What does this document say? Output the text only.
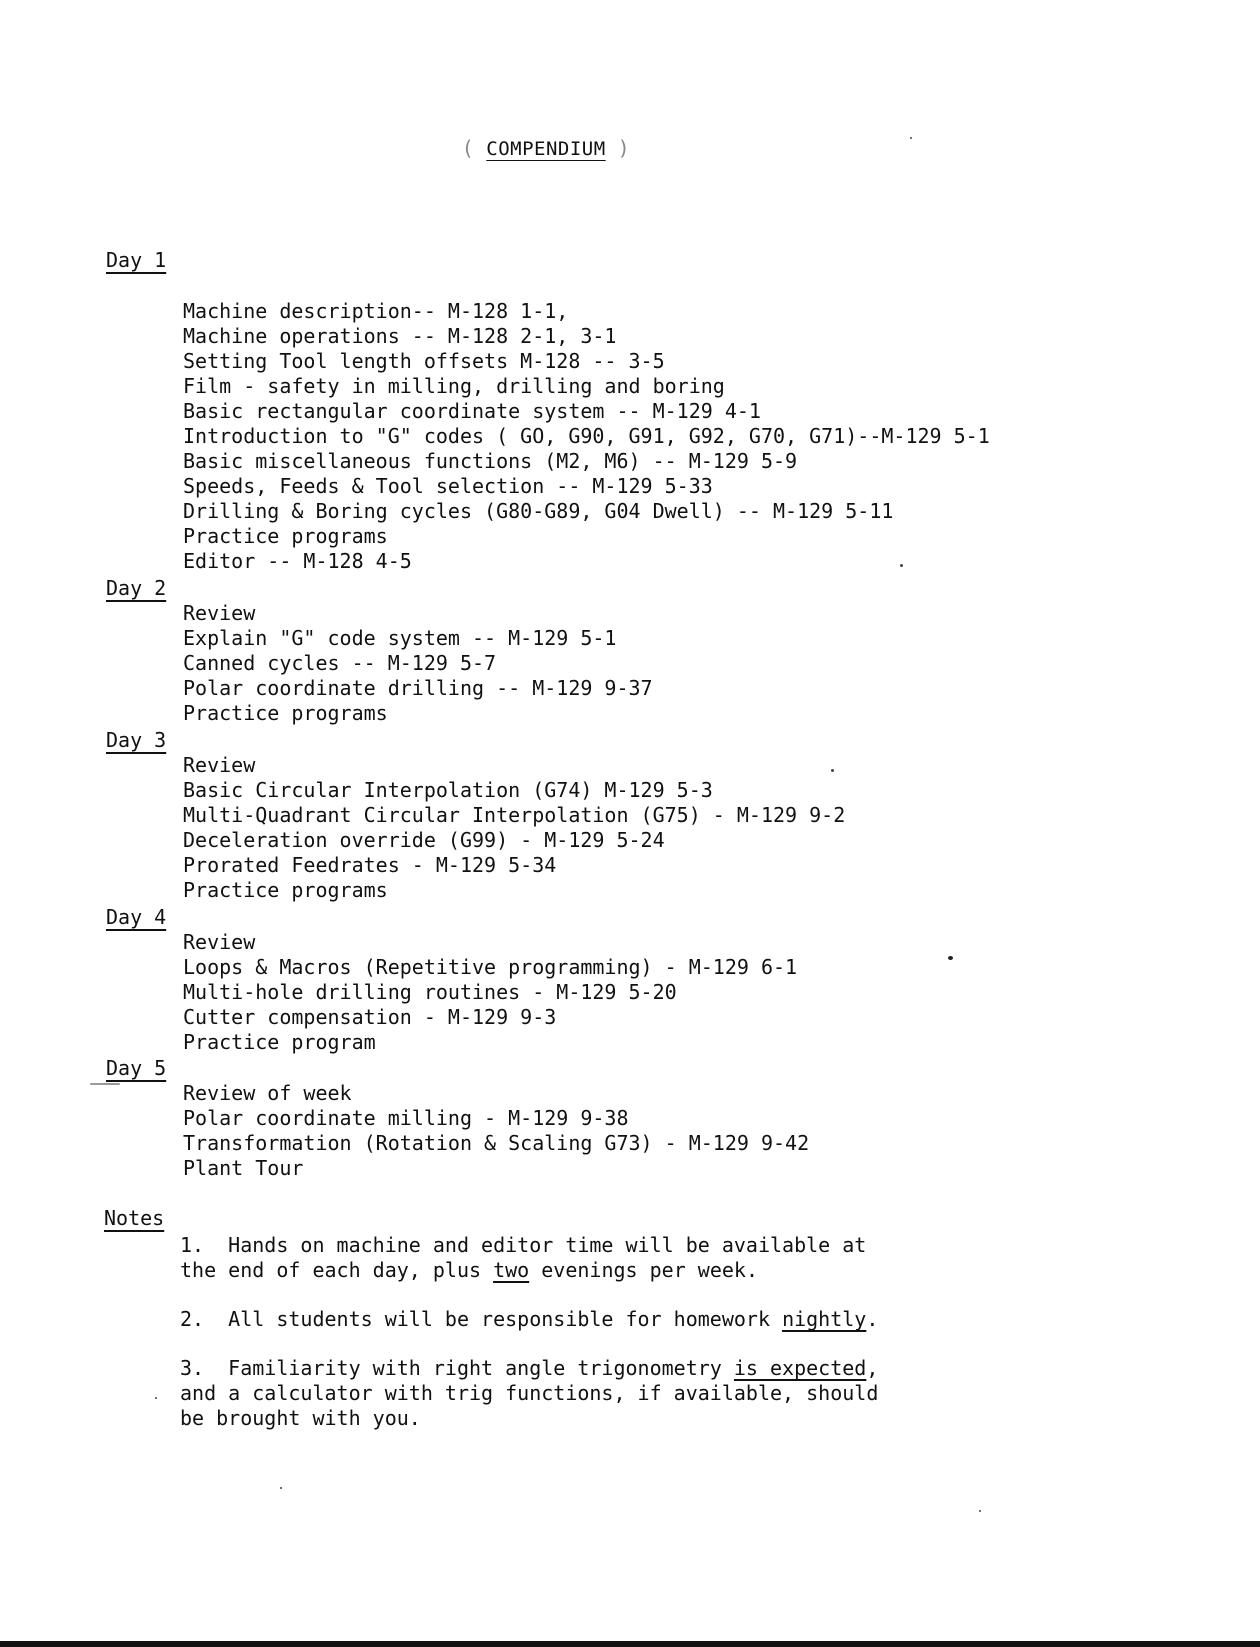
( COMPENDIUM )
Day 1
Machine description-- M-128 1-1,
Machine operations -- M-128 2-1, 3-1
Setting Tool length offsets M-128 -- 3-5
Film - safety in milling, drilling and boring
Basic rectangular coordinate system -- M-129 4-1
Introduction to "G" codes ( GO, G90, G91, G92, G70, G71)--M-129 5-1
Basic miscellaneous functions (M2, M6) -- M-129 5-9
Speeds, Feeds & Tool selection -- M-129 5-33
Drilling & Boring cycles (G80-G89, G04 Dwell) -- M-129 5-11
Practice programs
Editor -- M-128 4-5
Day 2
Review
Explain "G" code system -- M-129 5-1
Canned cycles -- M-129 5-7
Polar coordinate drilling -- M-129 9-37
Practice programs
Day 3
Review
Basic Circular Interpolation (G74) M-129 5-3
Multi-Quadrant Circular Interpolation (G75) - M-129 9-2
Deceleration override (G99) - M-129 5-24
Prorated Feedrates - M-129 5-34
Practice programs
Day 4
Review
Loops & Macros (Repetitive programming) - M-129 6-1
Multi-hole drilling routines - M-129 5-20
Cutter compensation - M-129 9-3
Practice program
Day 5
Review of week
Polar coordinate milling - M-129 9-38
Transformation (Rotation & Scaling G73) - M-129 9-42
Plant Tour
Notes
1.  Hands on machine and editor time will be available at
the end of each day, plus two evenings per week.
2.  All students will be responsible for homework nightly.
3.  Familiarity with right angle trigonometry is expected,
and a calculator with trig functions, if available, should
be brought with you.
